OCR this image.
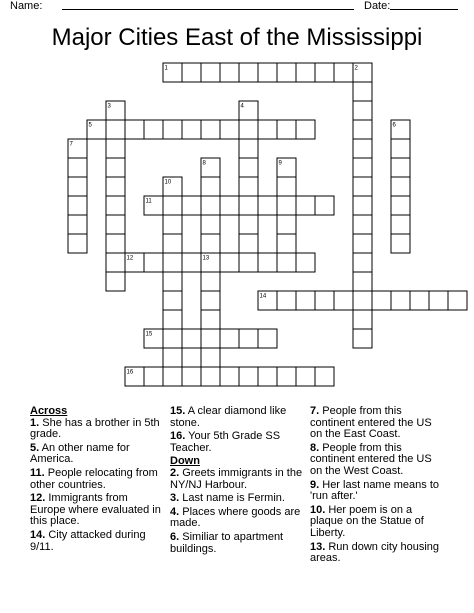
Name:	Date:
Major Cities East of the Mississippi
1	2
3	4
5	6
7
8	9
10
11
12	13
14
15
16
Across
1. She has a brother in 5th grade.
5. An other name for America.
11. People relocating from other countries.
12. Immigrants from Europe where evaluated in this place.
14. City attacked during 9/11.
15. A clear diamond like stone.
16. Your 5th Grade SS Teacher.
Down
2. Greets immigrants in the NY/NJ Harbour.
3. Last name is Fermin.
4. Places where goods are made.
6. Similiar to apartment buildings.
7. People from this continent entered the US on the East Coast.
8. People from this continent entered the US on the West Coast.
9. Her last name means to 'run after.'
10. Her poem is on a plaque on the Statue of Liberty.
13. Run down city housing areas.
